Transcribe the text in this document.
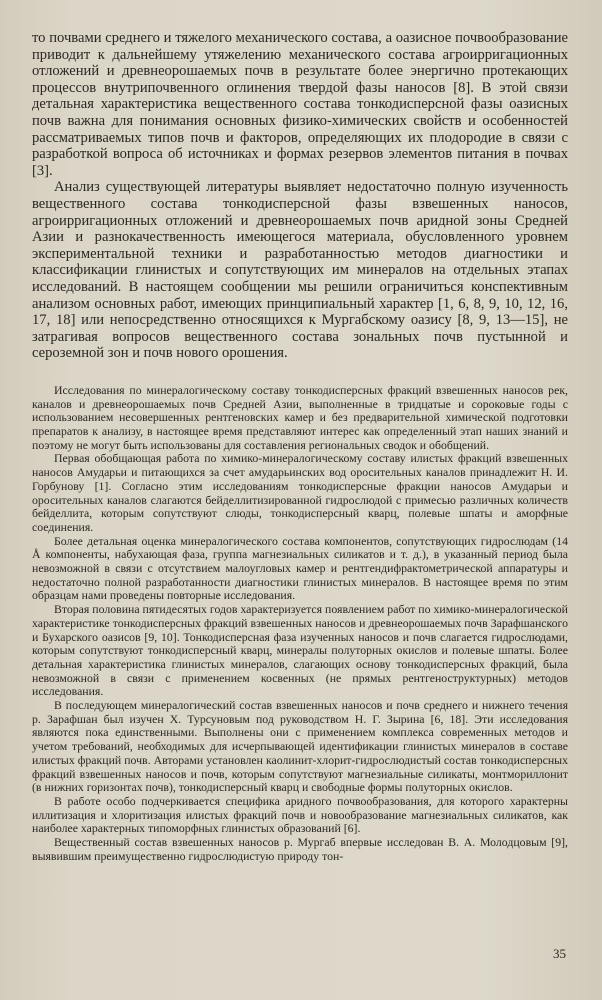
то почвами среднего и тяжелого механического состава, а оазисное почвообразование приводит к дальнейшему утяжелению механического состава агроирригационных отложений и древнеорошаемых почв в результате более энергично протекающих процессов внутрипочвенного оглинения твердой фазы наносов [8]. В этой связи детальная характеристика вещественного состава тонкодисперсной фазы оазисных почв важна для понимания основных физико-химических свойств и особенностей рассматриваемых типов почв и факторов, определяющих их плодородие в связи с разработкой вопроса об источниках и формах резервов элементов питания в почвах [3].

Анализ существующей литературы выявляет недостаточно полную изученность вещественного состава тонкодисперсной фазы взвешенных наносов, агроирригационных отложений и древнеорошаемых почв аридной зоны Средней Азии и разнокачественность имеющегося материала, обусловленного уровнем экспериментальной техники и разработанностью методов диагностики и классификации глинистых и сопутствующих им минералов на отдельных этапах исследований. В настоящем сообщении мы решили ограничиться конспективным анализом основных работ, имеющих принципиальный характер [1, 6, 8, 9, 10, 12, 16, 17, 18] или непосредственно относящихся к Мургабскому оазису [8, 9, 13—15], не затрагивая вопросов вещественного состава зональных почв пустынной и сероземной зон и почв нового орошения.

Исследования по минералогическому составу тонкодисперсных фракций взвешенных наносов рек, каналов и древнеорошаемых почв Средней Азии, выполненные в тридцатые и сороковые годы с использованием несовершенных рентгеновских камер и без предварительной химической подготовки препаратов к анализу, в настоящее время представляют интерес как определенный этап наших знаний и поэтому не могут быть использованы для составления региональных сводок и обобщений.

Первая обобщающая работа по химико-минералогическому составу илистых фракций взвешенных наносов Амударьи и питающихся за счет амударьинских вод оросительных каналов принадлежит Н. И. Горбунову [1]. Согласно этим исследованиям тонкодисперсные фракции наносов Амударьи и оросительных каналов слагаются бейделлитизированной гидрослюдой с примесью различных количеств бейделлита, которым сопутствуют слюды, тонкодисперсный кварц, полевые шпаты и аморфные соединения.

Более детальная оценка минералогического состава компонентов, сопутствующих гидрослюдам (14 Å компоненты, набухающая фаза, группа магнезиальных силикатов и т. д.), в указанный период была невозможной в связи с отсутствием малоугловых камер и рентгендифрактометрической аппаратуры и недостаточно полной разработанности диагностики глинистых минералов. В настоящее время по этим образцам нами проведены повторные исследования.

Вторая половина пятидесятых годов характеризуется появлением работ по химико-минералогической характеристике тонкодисперсных фракций взвешенных наносов и древнеорошаемых почв Зарафшанского и Бухарского оазисов [9, 10]. Тонкодисперсная фаза изученных наносов и почв слагается гидрослюдами, которым сопутствуют тонкодисперсный кварц, минералы полуторных окислов и полевые шпаты. Более детальная характеристика глинистых минералов, слагающих основу тонкодисперсных фракций, была невозможной в связи с применением косвенных (не прямых рентгеноструктурных) методов исследования.

В последующем минералогический состав взвешенных наносов и почв среднего и нижнего течения р. Зарафшан был изучен Х. Турсуновым под руководством Н. Г. Зырина [6, 18]. Эти исследования являются пока единственными. Выполнены они с применением комплекса современных методов и учетом требований, необходимых для исчерпывающей идентификации глинистых минералов в составе илистых фракций почв. Авторами установлен каолинит-хлорит-гидрослюдистый состав тонкодисперсных фракций взвешенных наносов и почв, которым сопутствуют магнезиальные силикаты, монтмориллонит (в нижних горизонтах почв), тонкодисперсный кварц и свободные формы полуторных окислов.

В работе особо подчеркивается специфика аридного почвообразования, для которого характерны иллитизация и хлоритизация илистых фракций почв и новообразование магнезиальных силикатов, как наиболее характерных типоморфных глинистых образований [6].

Вещественный состав взвешенных наносов р. Мургаб впервые исследован В. А. Молодцовым [9], выявившим преимущественно гидрослюдистую природу тон-

35
